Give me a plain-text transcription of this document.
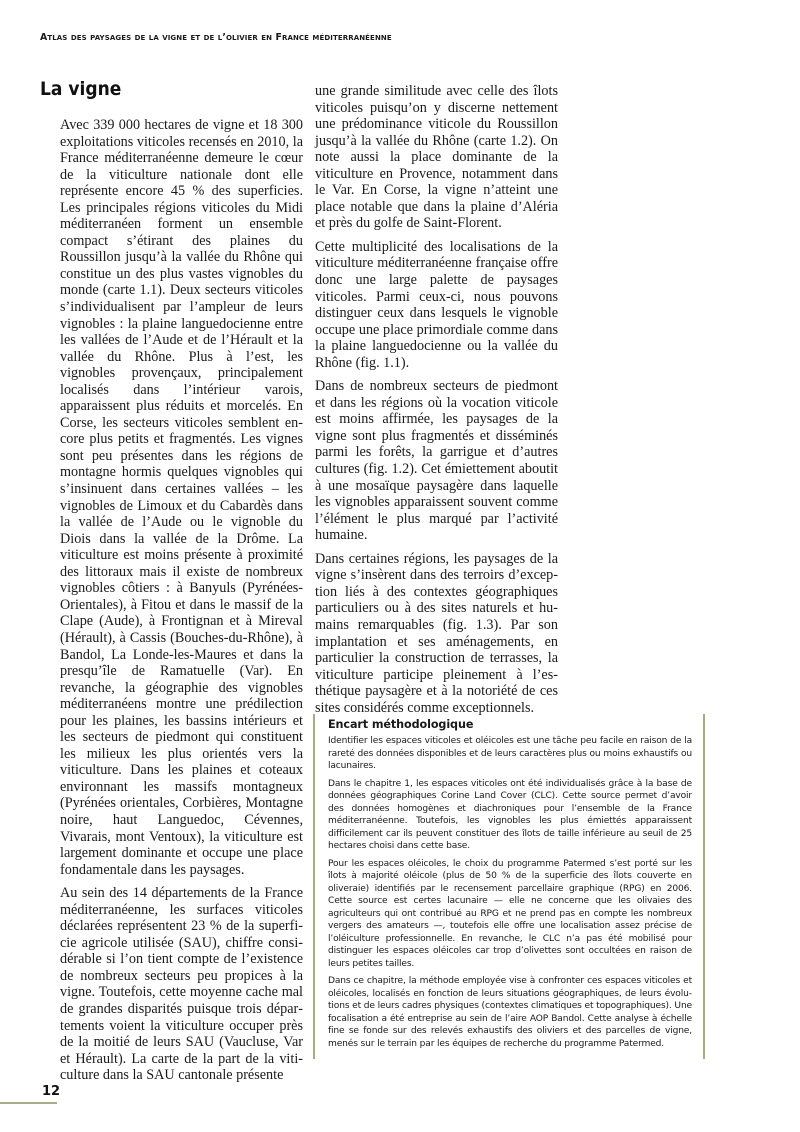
Atlas des paysages de la vigne et de l’olivier en France méditerranéenne
La vigne

Avec 339 000 hectares de vigne et 18 300 exploitations viticoles recensés en 2010, la France méditerranéenne demeure le cœur de la viticulture nationale dont elle représente encore 45 % des superficies. Les principales régions viticoles du Midi méditerranéen forment un ensemble compact s’étirant des plaines du Roussillon jusqu’à la vallée du Rhône qui constitue un des plus vastes vignobles du monde (carte 1.1). Deux secteurs viticoles s’individualisent par l’ampleur de leurs vignobles : la plaine languedocienne entre les vallées de l’Aude et de l’Hérault et la vallée du Rhône. Plus à l’est, les vignobles provençaux, principalement localisés dans l’intérieur varois, apparaissent plus réduits et morcelés. En Corse, les secteurs viticoles semblent encore plus petits et fragmentés. Les vignes sont peu présentes dans les régions de montagne hormis quelques vignobles qui s’insinuent dans certaines vallées – les vignobles de Limoux et du Cabardès dans la vallée de l’Aude ou le vignoble du Diois dans la vallée de la Drôme. La viticulture est moins présente à proximité des littoraux mais il existe de nombreux vignobles côtiers : à Banyuls (Pyrénées-Orientales), à Fitou et dans le massif de la Clape (Aude), à Frontignan et à Mireval (Hérault), à Cassis (Bouches-du-Rhône), à Bandol, La Londe-les-Maures et dans la presqu’île de Ramatuelle (Var). En revanche, la géographie des vignobles méditerranéens montre une prédilection pour les plaines, les bassins intérieurs et les secteurs de piedmont qui constituent les milieux les plus orientés vers la viticulture. Dans les plaines et coteaux environnant les massifs montagneux (Pyrénées orientales, Corbières, Montagne noire, haut Languedoc, Cévennes, Vivarais, mont Ventoux), la viticulture est largement dominante et occupe une place fondamentale dans les paysages.

Au sein des 14 départements de la France méditerranéenne, les surfaces viticoles déclarées représentent 23 % de la superficie agricole utilisée (SAU), chiffre considérable si l’on tient compte de l’existence de nombreux secteurs peu propices à la vigne. Toutefois, cette moyenne cache mal de grandes disparités puisque trois départements voient la viticulture occuper près de la moitié de leurs SAU (Vaucluse, Var et Hérault). La carte de la part de la viticulture dans la SAU cantonale présente

une grande similitude avec celle des îlots viticoles puisqu’on y discerne nettement une prédominance viticole du Roussillon jusqu’à la vallée du Rhône (carte 1.2). On note aussi la place dominante de la viticulture en Provence, notamment dans le Var. En Corse, la vigne n’atteint une place notable que dans la plaine d’Aléria et près du golfe de Saint-Florent.

Cette multiplicité des localisations de la viticulture méditerranéenne française offre donc une large palette de paysages viticoles. Parmi ceux-ci, nous pouvons distinguer ceux dans lesquels le vignoble occupe une place primordiale comme dans la plaine languedocienne ou la vallée du Rhône (fig. 1.1).

Dans de nombreux secteurs de piedmont et dans les régions où la vocation viticole est moins affirmée, les paysages de la vigne sont plus fragmentés et disséminés parmi les forêts, la garrigue et d’autres cultures (fig. 1.2). Cet émiettement aboutit à une mosaïque paysagère dans laquelle les vignobles apparaissent souvent comme l’élément le plus marqué par l’activité humaine.

Dans certaines régions, les paysages de la vigne s’insèrent dans des terroirs d’exception liés à des contextes géographiques particuliers ou à des sites naturels et humains remarquables (fig. 1.3). Par son implantation et ses aménagements, en particulier la construction de terrasses, la viticulture participe pleinement à l’esthétique paysagère et à la notoriété de ces sites considérés comme exceptionnels.

Encart méthodologique

Identifier les espaces viticoles et oléicoles est une tâche peu facile en raison de la rareté des données disponibles et de leurs caractères plus ou moins exhaustifs ou lacunaires.

Dans le chapitre 1, les espaces viticoles ont été individualisés grâce à la base de données géographiques Corine Land Cover (CLC). Cette source permet d’avoir des données homogènes et diachroniques pour l’ensemble de la France méditerranéenne. Toutefois, les vignobles les plus émiettés apparaissent difficilement car ils peuvent constituer des îlots de taille inférieure au seuil de 25 hectares choisi dans cette base.

Pour les espaces oléicoles, le choix du programme Patermed s’est porté sur les îlots à majorité oléicole (plus de 50 % de la superficie des îlots couverte en oliveraie) identifiés par le recensement parcellaire graphique (RPG) en 2006. Cette source est certes lacunaire — elle ne concerne que les olivaies des agriculteurs qui ont contribué au RPG et ne prend pas en compte les nombreux vergers des amateurs —, toutefois elle offre une localisation assez précise de l’oléiculture professionnelle. En revanche, le CLC n’a pas été mobilisé pour distinguer les espaces oléicoles car trop d’olivettes sont occultées en raison de leurs petites tailles.

Dans ce chapitre, la méthode employée vise à confronter ces espaces viticoles et oléicoles, localisés en fonction de leurs situations géographiques, de leurs évolutions et de leurs cadres physiques (contextes climatiques et topographiques). Une focalisation a été entreprise au sein de l’aire AOP Bandol. Cette analyse à échelle fine se fonde sur des relevés exhaustifs des oliviers et des parcelles de vigne, menés sur le terrain par les équipes de recherche du programme Patermed.

12
